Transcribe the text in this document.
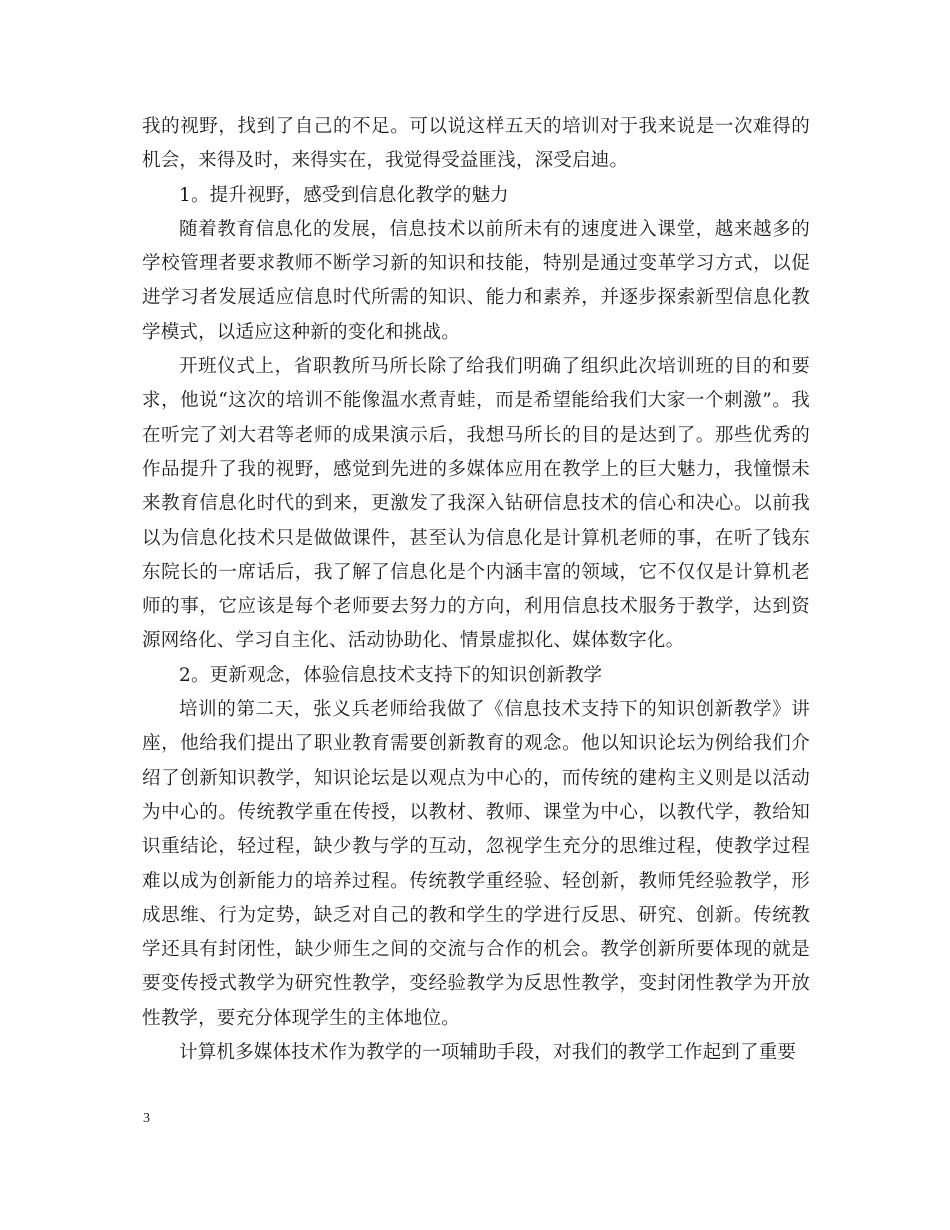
我的视野，找到了自己的不足。可以说这样五天的培训对于我来说是一次难得的机会，来得及时，来得实在，我觉得受益匪浅，深受启迪。

1。提升视野，感受到信息化教学的魅力

随着教育信息化的发展，信息技术以前所未有的速度进入课堂，越来越多的学校管理者要求教师不断学习新的知识和技能，特别是通过变革学习方式，以促进学习者发展适应信息时代所需的知识、能力和素养，并逐步探索新型信息化教学模式，以适应这种新的变化和挑战。

开班仪式上，省职教所马所长除了给我们明确了组织此次培训班的目的和要求，他说“这次的培训不能像温水煮青蛙，而是希望能给我们大家一个刺激”。我在听完了刘大君等老师的成果演示后，我想马所长的目的是达到了。那些优秀的作品提升了我的视野，感觉到先进的多媒体应用在教学上的巨大魅力，我憧憬未来教育信息化时代的到来，更激发了我深入钻研信息技术的信心和决心。以前我以为信息化技术只是做做课件，甚至认为信息化是计算机老师的事，在听了钱东东院长的一席话后，我了解了信息化是个内涵丰富的领域，它不仅仅是计算机老师的事，它应该是每个老师要去努力的方向，利用信息技术服务于教学，达到资源网络化、学习自主化、活动协助化、情景虚拟化、媒体数字化。

2。更新观念，体验信息技术支持下的知识创新教学

培训的第二天，张义兵老师给我做了《信息技术支持下的知识创新教学》讲座，他给我们提出了职业教育需要创新教育的观念。他以知识论坛为例给我们介绍了创新知识教学，知识论坛是以观点为中心的，而传统的建构主义则是以活动为中心的。传统教学重在传授，以教材、教师、课堂为中心，以教代学，教给知识重结论，轻过程，缺少教与学的互动，忽视学生充分的思维过程，使教学过程难以成为创新能力的培养过程。传统教学重经验、轻创新，教师凭经验教学，形成思维、行为定势，缺乏对自己的教和学生的学进行反思、研究、创新。传统教学还具有封闭性，缺少师生之间的交流与合作的机会。教学创新所要体现的就是要变传授式教学为研究性教学，变经验教学为反思性教学，变封闭性教学为开放性教学，要充分体现学生的主体地位。

计算机多媒体技术作为教学的一项辅助手段，对我们的教学工作起到了重要

3
